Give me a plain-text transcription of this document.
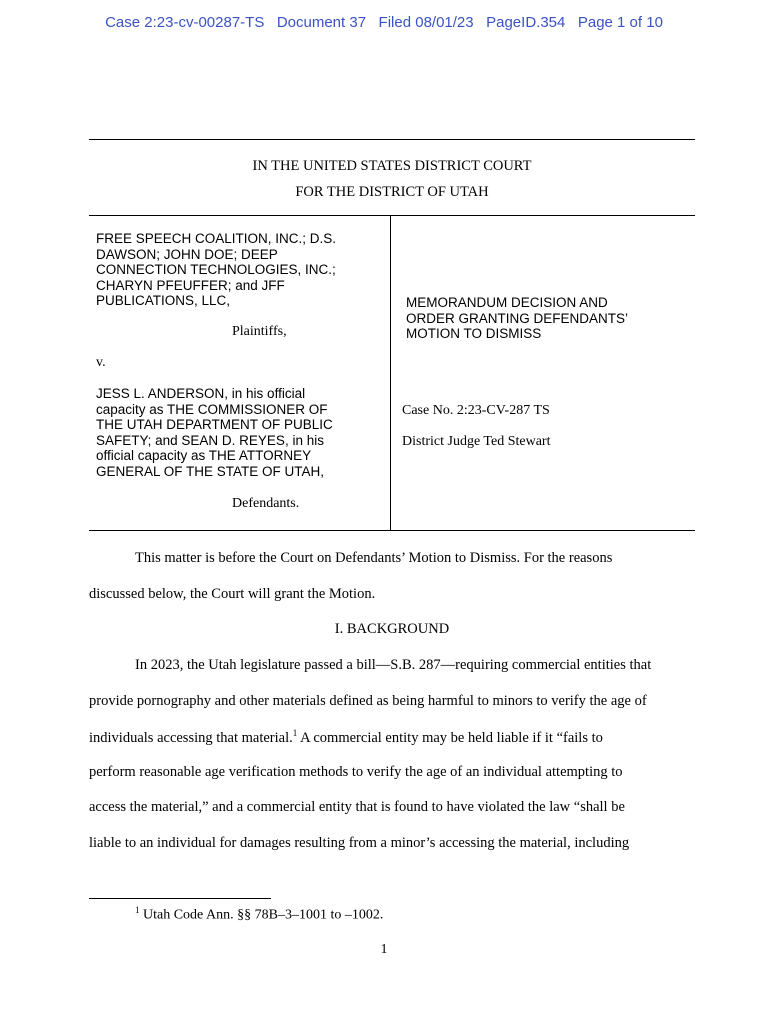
Case 2:23-cv-00287-TS   Document 37   Filed 08/01/23   PageID.354   Page 1 of 10
IN THE UNITED STATES DISTRICT COURT
FOR THE DISTRICT OF UTAH
FREE SPEECH COALITION, INC.; D.S.
DAWSON; JOHN DOE; DEEP
CONNECTION TECHNOLOGIES, INC.;
CHARYN PFEUFFER; and JFF
PUBLICATIONS, LLC,
Plaintiffs,
v.
JESS L. ANDERSON, in his official
capacity as THE COMMISSIONER OF
THE UTAH DEPARTMENT OF PUBLIC
SAFETY; and SEAN D. REYES, in his
official capacity as THE ATTORNEY
GENERAL OF THE STATE OF UTAH,
Defendants.
MEMORANDUM DECISION AND
ORDER GRANTING DEFENDANTS’
MOTION TO DISMISS
Case No. 2:23-CV-287 TS
District Judge Ted Stewart
This matter is before the Court on Defendants’ Motion to Dismiss. For the reasons
discussed below, the Court will grant the Motion.
I. BACKGROUND
In 2023, the Utah legislature passed a bill—S.B. 287—requiring commercial entities that
provide pornography and other materials defined as being harmful to minors to verify the age of
individuals accessing that material.$^1$ A commercial entity may be held liable if it “fails to
perform reasonable age verification methods to verify the age of an individual attempting to
access the material,” and a commercial entity that is found to have violated the law “shall be
liable to an individual for damages resulting from a minor’s accessing the material, including
$^1$ Utah Code Ann. §§ 78B–3–1001 to –1002.
1
